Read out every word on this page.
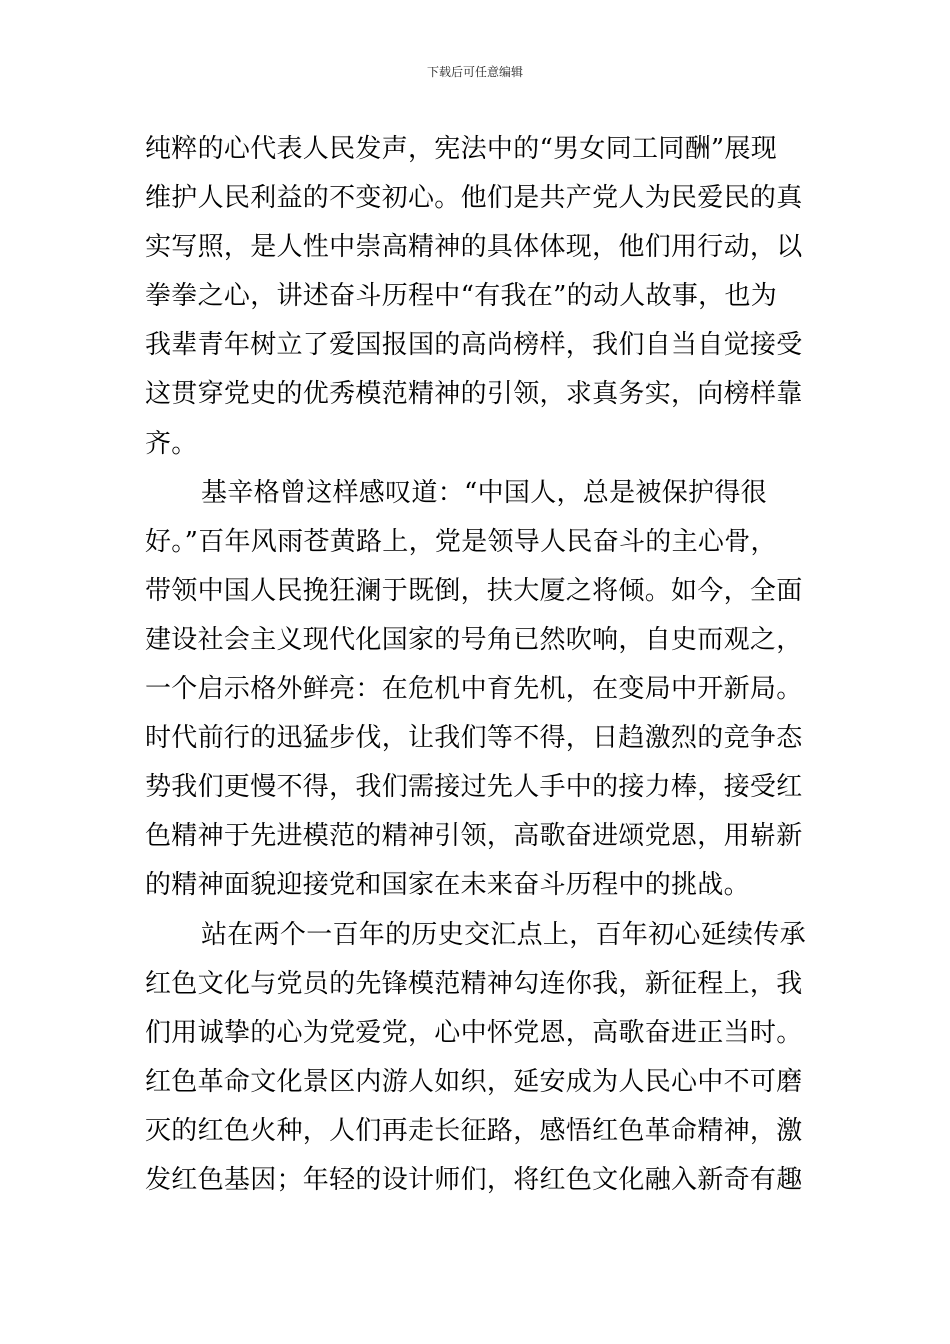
下载后可任意编辑
纯粹的心代表人民发声，宪法中的“男女同工同酬”展现
维护人民利益的不变初心。他们是共产党人为民爱民的真
实写照，是人性中崇高精神的具体体现，他们用行动，以
拳拳之心，讲述奋斗历程中“有我在”的动人故事，也为
我辈青年树立了爱国报国的高尚榜样，我们自当自觉接受
这贯穿党史的优秀模范精神的引领，求真务实，向榜样靠
齐。
基辛格曾这样感叹道：“中国人，总是被保护得很
好。”百年风雨苍黄路上，党是领导人民奋斗的主心骨，
带领中国人民挽狂澜于既倒，扶大厦之将倾。如今，全面
建设社会主义现代化国家的号角已然吹响，自史而观之，
一个启示格外鲜亮：在危机中育先机，在变局中开新局。
时代前行的迅猛步伐，让我们等不得，日趋激烈的竞争态
势我们更慢不得，我们需接过先人手中的接力棒，接受红
色精神于先进模范的精神引领，高歌奋进颂党恩，用崭新
的精神面貌迎接党和国家在未来奋斗历程中的挑战。
站在两个一百年的历史交汇点上，百年初心延续传承
红色文化与党员的先锋模范精神勾连你我，新征程上，我
们用诚挚的心为党爱党，心中怀党恩，高歌奋进正当时。
红色革命文化景区内游人如织，延安成为人民心中不可磨
灭的红色火种，人们再走长征路，感悟红色革命精神，激
发红色基因；年轻的设计师们，将红色文化融入新奇有趣
